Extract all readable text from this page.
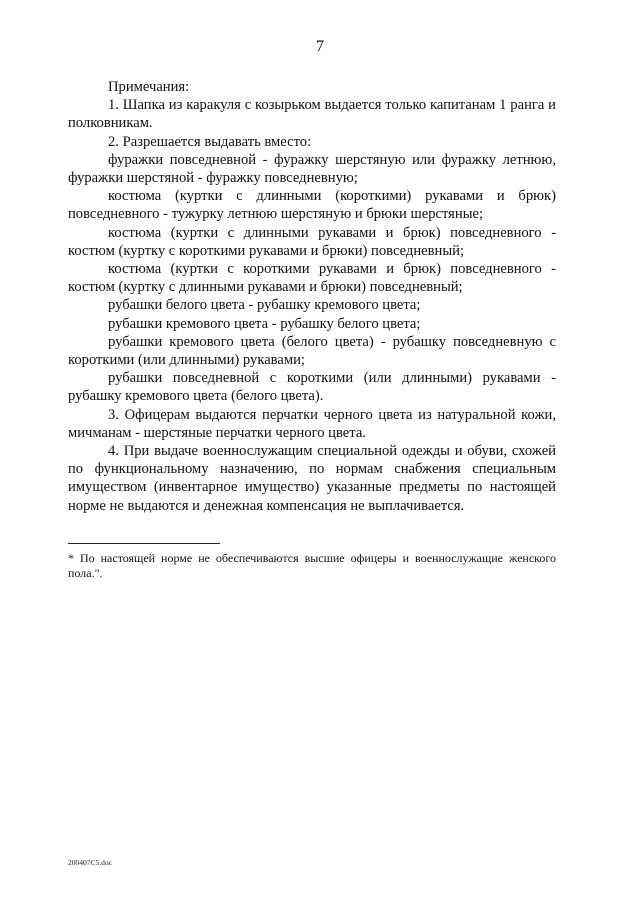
7

Примечания:

1. Шапка из каракуля с козырьком выдается только капитанам 1 ранга и полковникам.

2. Разрешается выдавать вместо:

фуражки повседневной - фуражку шерстяную или фуражку летнюю, фуражки шерстяной - фуражку повседневную;

костюма (куртки с длинными (короткими) рукавами и брюк) повседневного - тужурку летнюю шерстяную и брюки шерстяные;

костюма (куртки с длинными рукавами и брюк) повседневного - костюм (куртку с короткими рукавами и брюки) повседневный;

костюма (куртки с короткими рукавами и брюк) повседневного - костюм (куртку с длинными рукавами и брюки) повседневный;

рубашки белого цвета - рубашку кремового цвета;

рубашки кремового цвета - рубашку белого цвета;

рубашки кремового цвета (белого цвета) - рубашку повседневную с короткими (или длинными) рукавами;

рубашки повседневной с короткими (или длинными) рукавами - рубашку кремового цвета (белого цвета).

3. Офицерам выдаются перчатки черного цвета из натуральной кожи, мичманам - шерстяные перчатки черного цвета.

4. При выдаче военнослужащим специальной одежды и обуви, схожей по функциональному назначению, по нормам снабжения специальным имуществом (инвентарное имущество) указанные предметы по настоящей норме не выдаются и денежная компенсация не выплачивается.

* По настоящей норме не обеспечиваются высшие офицеры и военнослужащие женского пола.".
200407С5.doc
